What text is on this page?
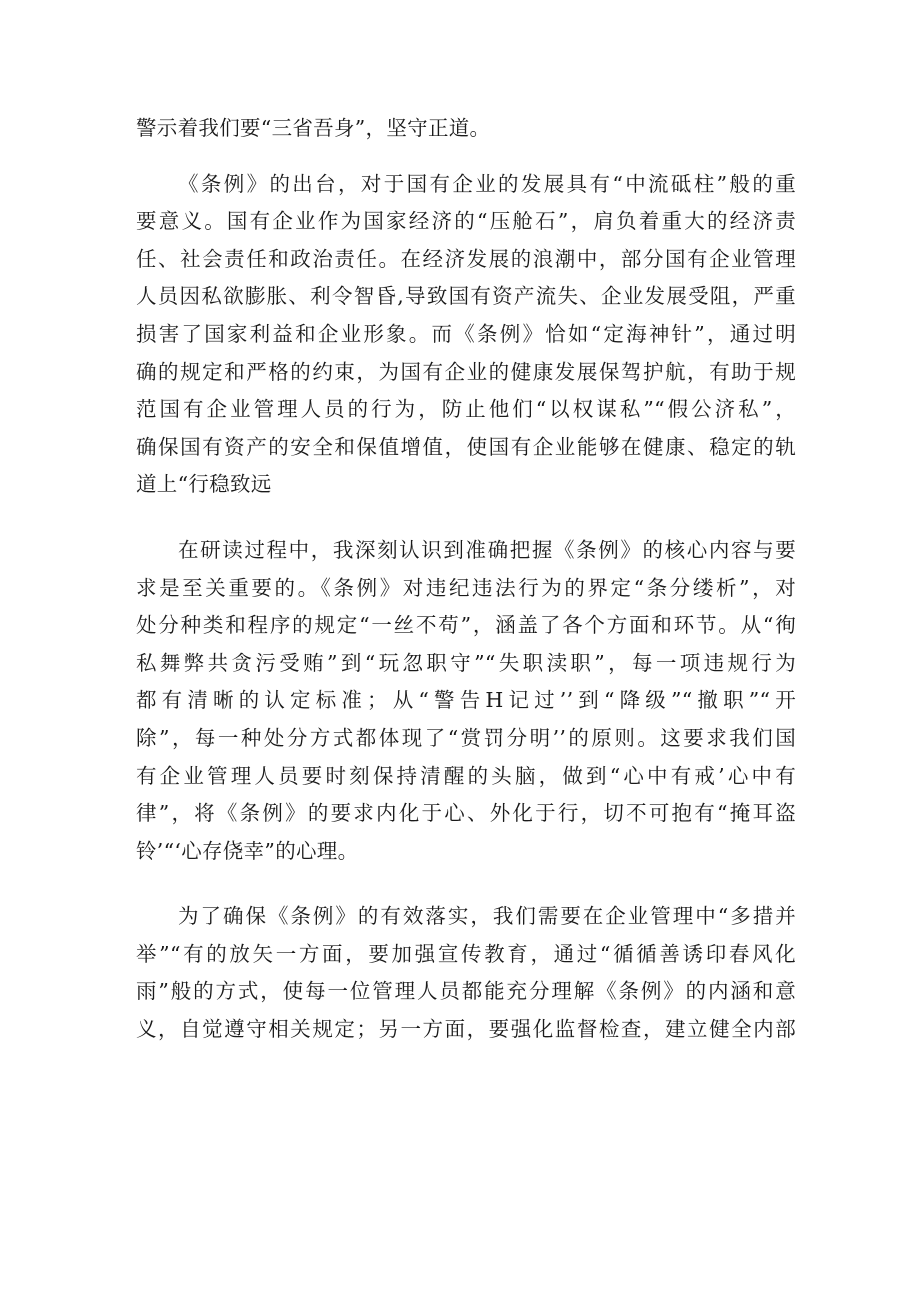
警示着我们要“三省吾身”，坚守正道。
《条例》的出台，对于国有企业的发展具有“中流砥柱”般的重
要意义。国有企业作为国家经济的“压舱石”，肩负着重大的经济责
任、社会责任和政治责任。在经济发展的浪潮中，部分国有企业管理
人员因私欲膨胀、利令智昏,导致国有资产流失、企业发展受阻，严重
损害了国家利益和企业形象。而《条例》恰如“定海神针”，通过明
确的规定和严格的约束，为国有企业的健康发展保驾护航，有助于规
范国有企业管理人员的行为，防止他们“以权谋私”“假公济私”，
确保国有资产的安全和保值增值，使国有企业能够在健康、稳定的轨
道上“行稳致远
在研读过程中，我深刻认识到准确把握《条例》的核心内容与要
求是至关重要的。《条例》对违纪违法行为的界定“条分缕析”，对
处分种类和程序的规定“一丝不苟”，涵盖了各个方面和环节。从“徇
私舞弊共贪污受贿”到“玩忽职守”“失职渎职”，每一项违规行为
都有清晰的认定标准；从“警告H记过’’到“降级”“撤职”“开
除”，每一种处分方式都体现了“赏罚分明’’的原则。这要求我们国
有企业管理人员要时刻保持清醒的头脑，做到“心中有戒’心中有
律”，将《条例》的要求内化于心、外化于行，切不可抱有“掩耳盗
铃’“‘心存侥幸”的心理。
为了确保《条例》的有效落实，我们需要在企业管理中“多措并
举”“有的放矢一方面，要加强宣传教育，通过“循循善诱印春风化
雨”般的方式，使每一位管理人员都能充分理解《条例》的内涵和意
义，自觉遵守相关规定；另一方面，要强化监督检查，建立健全内部
